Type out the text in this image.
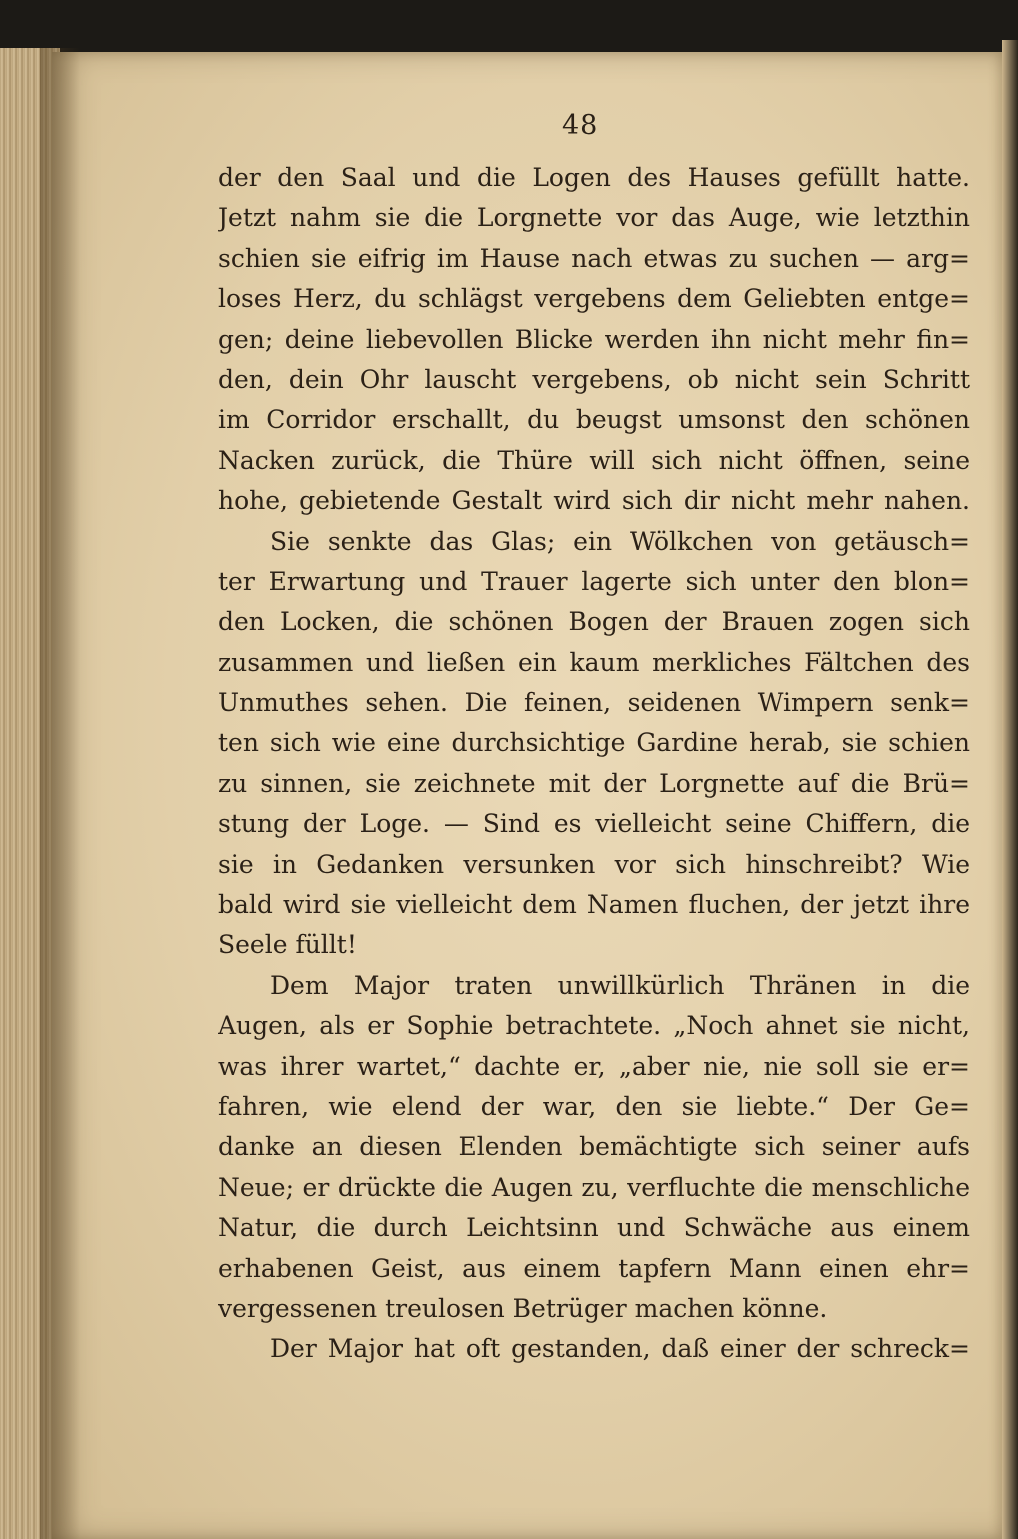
48
der den Saal und die Logen des Hauses gefüllt hatte.
Jetzt nahm sie die Lorgnette vor das Auge, wie letzthin
schien sie eifrig im Hause nach etwas zu suchen — arg=
loses Herz, du schlägst vergebens dem Geliebten entge=
gen; deine liebevollen Blicke werden ihn nicht mehr fin=
den, dein Ohr lauscht vergebens, ob nicht sein Schritt
im Corridor erschallt, du beugst umsonst den schönen
Nacken zurück, die Thüre will sich nicht öffnen, seine
hohe, gebietende Gestalt wird sich dir nicht mehr nahen.
Sie senkte das Glas; ein Wölkchen von getäusch=
ter Erwartung und Trauer lagerte sich unter den blon=
den Locken, die schönen Bogen der Brauen zogen sich
zusammen und ließen ein kaum merkliches Fältchen des
Unmuthes sehen. Die feinen, seidenen Wimpern senk=
ten sich wie eine durchsichtige Gardine herab, sie schien
zu sinnen, sie zeichnete mit der Lorgnette auf die Brü=
stung der Loge. — Sind es vielleicht seine Chiffern, die
sie in Gedanken versunken vor sich hinschreibt? Wie
bald wird sie vielleicht dem Namen fluchen, der jetzt ihre
Seele füllt!
Dem Major traten unwillkürlich Thränen in die
Augen, als er Sophie betrachtete. „Noch ahnet sie nicht,
was ihrer wartet,“ dachte er, „aber nie, nie soll sie er=
fahren, wie elend der war, den sie liebte.“ Der Ge=
danke an diesen Elenden bemächtigte sich seiner aufs
Neue; er drückte die Augen zu, verfluchte die menschliche
Natur, die durch Leichtsinn und Schwäche aus einem
erhabenen Geist, aus einem tapfern Mann einen ehr=
vergessenen treulosen Betrüger machen könne.
Der Major hat oft gestanden, daß einer der schreck=
